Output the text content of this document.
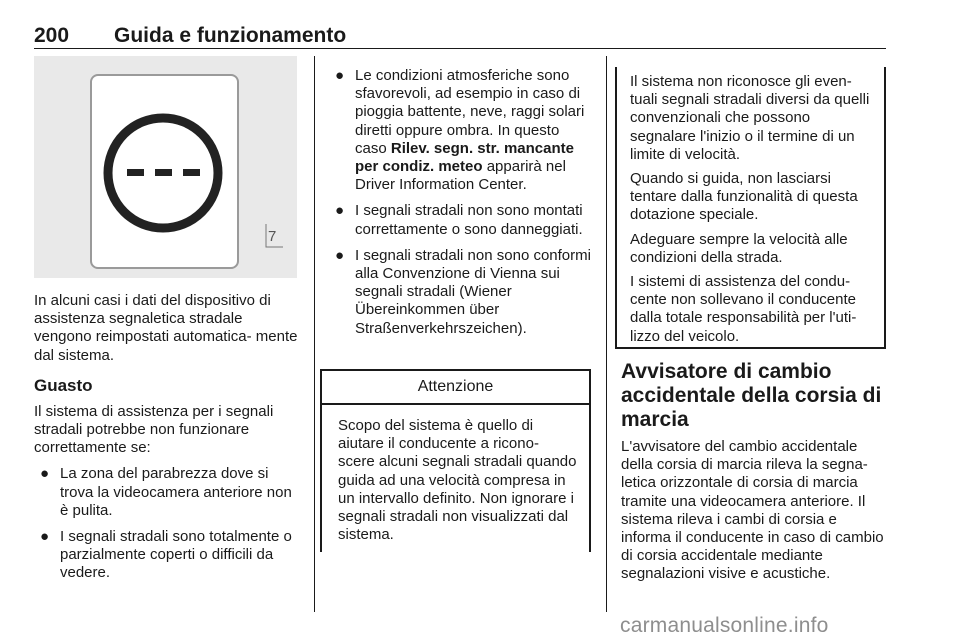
200 Guida e funzionamento
7

In alcuni casi i dati del dispositivo di assistenza segnaletica stradale vengono reimpostati automatica- mente dal sistema.

Guasto

Il sistema di assistenza per i segnali stradali potrebbe non funzionare correttamente se:

● La zona del parabrezza dove si trova la videocamera anteriore non è pulita.
● I segnali stradali sono totalmente o parzialmente coperti o difficili da vedere.
● Le condizioni atmosferiche sono sfavorevoli, ad esempio in caso di pioggia battente, neve, raggi solari diretti oppure ombra. In questo caso Rilev. segn. str. mancante per condiz. meteo apparirà nel Driver Information Center.
● I segnali stradali non sono montati correttamente o sono danneggiati.
● I segnali stradali non sono conformi alla Convenzione di Vienna sui segnali stradali (Wiener Übereinkommen über Straßenverkehrszeichen).
Attenzione
Scopo del sistema è quello di aiutare il conducente a ricono- scere alcuni segnali stradali quando guida ad una velocità compresa in un intervallo definito. Non ignorare i segnali stradali non visualizzati dal sistema.

Il sistema non riconosce gli even- tuali segnali stradali diversi da quelli convenzionali che possono segnalare l'inizio o il termine di un limite di velocità.

Quando si guida, non lasciarsi tentare dalla funzionalità di questa dotazione speciale.

Adeguare sempre la velocità alle condizioni della strada.

I sistemi di assistenza del condu- cente non sollevano il conducente dalla totale responsabilità per l'uti- lizzo del veicolo.

Avvisatore di cambio accidentale della corsia di marcia

L'avvisatore del cambio accidentale della corsia di marcia rileva la segna- letica orizzontale di corsia di marcia tramite una videocamera anteriore. Il sistema rileva i cambi di corsia e informa il conducente in caso di cambio di corsia accidentale mediante segnalazioni visive e acustiche.

carmanualsonline.info
